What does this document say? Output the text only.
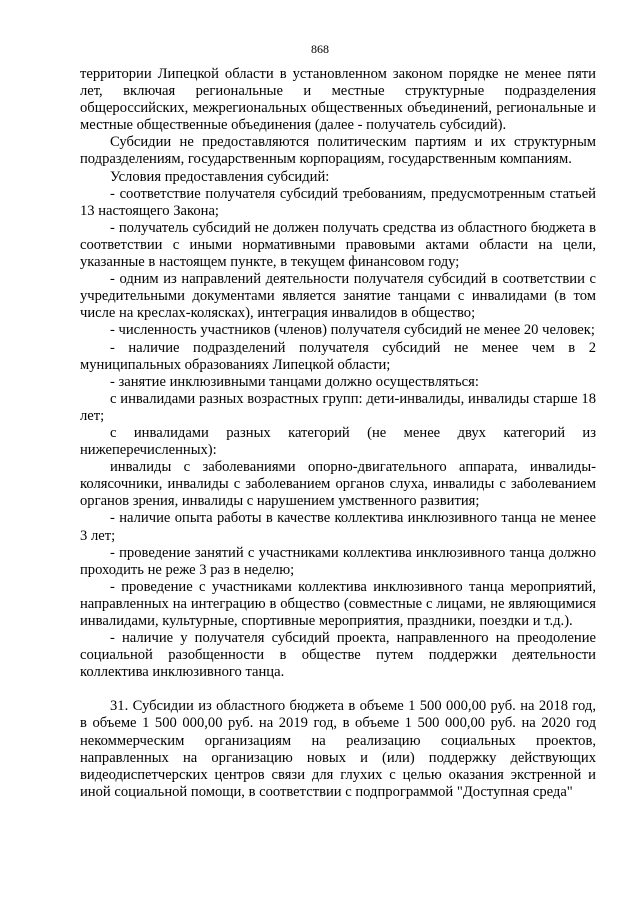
868

территории Липецкой области в установленном законом порядке не менее пяти лет, включая региональные и местные структурные подразделения общероссийских, межрегиональных общественных объединений, региональные и местные общественные объединения (далее - получатель субсидий).

Субсидии не предоставляются политическим партиям и их структурным подразделениям, государственным корпорациям, государственным компаниям.

Условия предоставления субсидий:

- соответствие получателя субсидий требованиям, предусмотренным статьей 13 настоящего Закона;

- получатель субсидий не должен получать средства из областного бюджета в соответствии с иными нормативными правовыми актами области на цели, указанные в настоящем пункте, в текущем финансовом году;

- одним из направлений деятельности получателя субсидий в соответствии с учредительными документами является занятие танцами с инвалидами (в том числе на креслах-колясках), интеграция инвалидов в общество;

- численность участников (членов) получателя субсидий не менее 20 человек;

- наличие подразделений получателя субсидий не менее чем в 2 муниципальных образованиях Липецкой области;

- занятие инклюзивными танцами должно осуществляться:

с инвалидами разных возрастных групп: дети-инвалиды, инвалиды старше 18 лет;

с инвалидами разных категорий (не менее двух категорий из нижеперечисленных):

инвалиды с заболеваниями опорно-двигательного аппарата, инвалиды-колясочники, инвалиды с заболеванием органов слуха, инвалиды с заболеванием органов зрения, инвалиды с нарушением умственного развития;

- наличие опыта работы в качестве коллектива инклюзивного танца не менее 3 лет;

- проведение занятий с участниками коллектива инклюзивного танца должно проходить не реже 3 раз в неделю;

- проведение с участниками коллектива инклюзивного танца мероприятий, направленных на интеграцию в общество (совместные с лицами, не являющимися инвалидами, культурные, спортивные мероприятия, праздники, поездки и т.д.).

- наличие у получателя субсидий проекта, направленного на преодоление социальной разобщенности в обществе путем поддержки деятельности коллектива инклюзивного танца.

31. Субсидии из областного бюджета в объеме 1 500 000,00 руб. на 2018 год, в объеме 1 500 000,00 руб. на 2019 год, в объеме 1 500 000,00 руб. на 2020 год некоммерческим организациям на реализацию социальных проектов, направленных на организацию новых и (или) поддержку действующих видеодиспетчерских центров связи для глухих с целью оказания экстренной и иной социальной помощи, в соответствии с подпрограммой "Доступная среда"
